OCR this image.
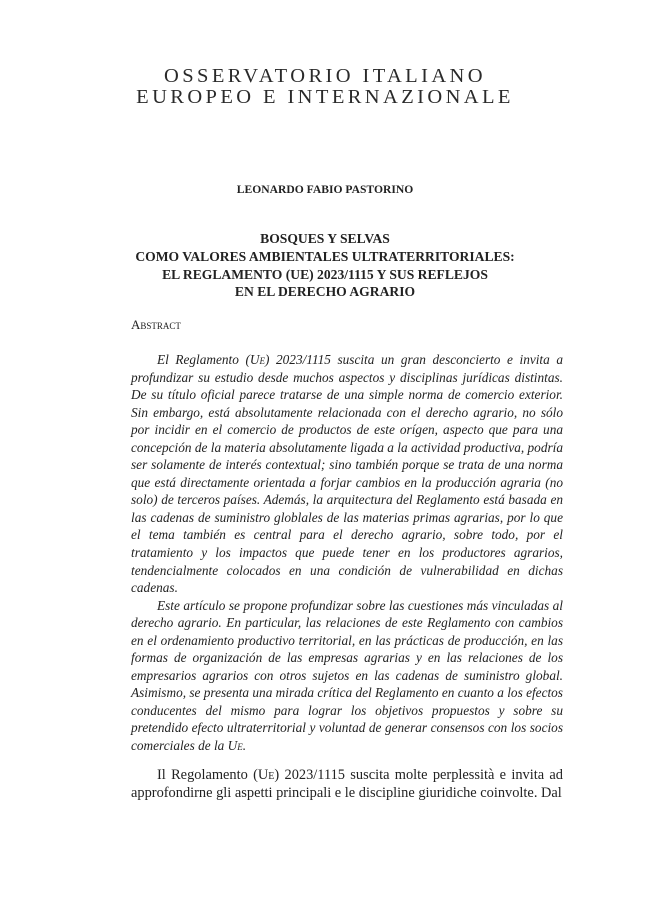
OSSERVATORIO ITALIANO
EUROPEO E INTERNAZIONALE
LEONARDO FABIO PASTORINO
BOSQUES Y SELVAS
COMO VALORES AMBIENTALES ULTRATERRITORIALES:
EL REGLAMENTO (UE) 2023/1115 Y SUS REFLEJOS
EN EL DERECHO AGRARIO
Abstract

El Reglamento (Ue) 2023/1115 suscita un gran desconcierto e invita a profundizar su estudio desde muchos aspectos y disciplinas jurídicas distintas. De su título oficial parece tratarse de una simple norma de comercio exterior. Sin embargo, está absolutamente relacionada con el derecho agrario, no sólo por incidir en el comercio de productos de este orígen, aspecto que para una concepción de la materia absolutamente ligada a la actividad productiva, podría ser solamente de interés contextual; sino también porque se trata de una norma que está directamente orientada a forjar cambios en la producción agraria (no solo) de terceros países. Además, la arquitectura del Reglamento está basada en las cadenas de suministro globlales de las materias primas agrarias, por lo que el tema también es central para el derecho agrario, sobre todo, por el tratamiento y los impactos que puede tener en los productores agrarios, tendencialmente colocados en una condición de vulnerabilidad en dichas cadenas.

Este artículo se propone profundizar sobre las cuestiones más vinculadas al derecho agrario. En particular, las relaciones de este Reglamento con cambios en el ordenamiento productivo territorial, en las prácticas de producción, en las formas de organización de las empresas agrarias y en las relaciones de los empresarios agrarios con otros sujetos en las cadenas de suministro global. Asimismo, se presenta una mirada crítica del Reglamento en cuanto a los efectos conducentes del mismo para lograr los objetivos propuestos y sobre su pretendido efecto ultraterritorial y voluntad de generar consensos con los socios comerciales de la Ue.

Il Regolamento (Ue) 2023/1115 suscita molte perplessità e invita ad approfondirne gli aspetti principali e le discipline giuridiche coinvolte. Dal
